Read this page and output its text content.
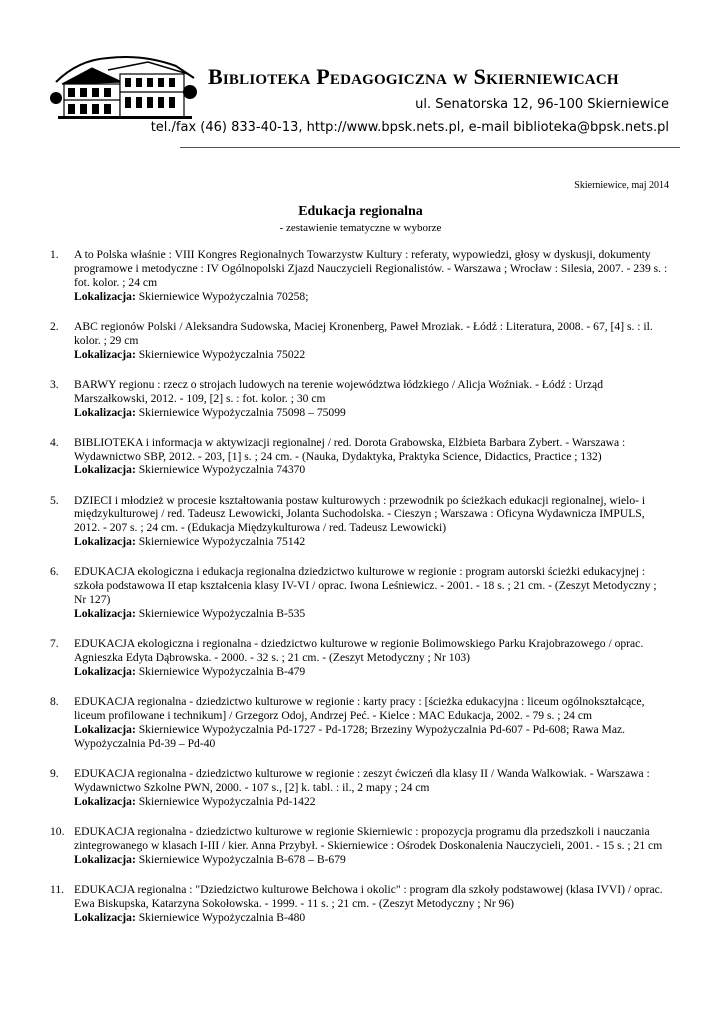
Biblioteka Pedagogiczna w Skierniewicach
ul. Senatorska 12, 96-100 Skierniewice
tel./fax (46) 833-40-13, http://www.bpsk.nets.pl, e-mail biblioteka@bpsk.nets.pl
Skierniewice, maj 2014
Edukacja regionalna
- zestawienie tematyczne w wyborze
1. A to Polska właśnie : VIII Kongres Regionalnych Towarzystw Kultury : referaty, wypowiedzi, głosy w dyskusji, dokumenty programowe i metodyczne : IV Ogólnopolski Zjazd Nauczycieli Regionalistów. - Warszawa ; Wrocław : Silesia, 2007. - 239 s. : fot. kolor. ; 24 cm
Lokalizacja: Skierniewice Wypożyczalnia 70258;
2. ABC regionów Polski / Aleksandra Sudowska, Maciej Kronenberg, Paweł Mroziak. - Łódź : Literatura, 2008. - 67, [4] s. : il. kolor. ; 29 cm
Lokalizacja: Skierniewice Wypożyczalnia 75022
3. BARWY regionu : rzecz o strojach ludowych na terenie województwa łódzkiego / Alicja Woźniak. - Łódź : Urząd Marszałkowski, 2012. - 109, [2] s. : fot. kolor. ; 30 cm
Lokalizacja: Skierniewice Wypożyczalnia 75098 – 75099
4. BIBLIOTEKA i informacja w aktywizacji regionalnej / red. Dorota Grabowska, Elżbieta Barbara Zybert. - Warszawa : Wydawnictwo SBP, 2012. - 203, [1] s. ; 24 cm. - (Nauka, Dydaktyka, Praktyka Science, Didactics, Practice ; 132)
Lokalizacja: Skierniewice Wypożyczalnia 74370
5. DZIECI i młodzież w procesie kształtowania postaw kulturowych : przewodnik po ścieżkach edukacji regionalnej, wielo- i międzykulturowej / red. Tadeusz Lewowicki, Jolanta Suchodolska. - Cieszyn ; Warszawa : Oficyna Wydawnicza IMPULS, 2012. - 207 s. ; 24 cm. - (Edukacja Międzykulturowa / red. Tadeusz Lewowicki)
Lokalizacja: Skierniewice Wypożyczalnia 75142
6. EDUKACJA ekologiczna i edukacja regionalna dziedzictwo kulturowe w regionie : program autorski ścieżki edukacyjnej : szkoła podstawowa II etap kształcenia klasy IV-VI / oprac. Iwona Leśniewicz. - 2001. - 18 s. ; 21 cm. - (Zeszyt Metodyczny ; Nr 127)
Lokalizacja: Skierniewice Wypożyczalnia B-535
7. EDUKACJA ekologiczna i regionalna - dziedzictwo kulturowe w regionie Bolimowskiego Parku Krajobrazowego / oprac. Agnieszka Edyta Dąbrowska. - 2000. - 32 s. ; 21 cm. - (Zeszyt Metodyczny ; Nr 103)
Lokalizacja: Skierniewice Wypożyczalnia B-479
8. EDUKACJA regionalna - dziedzictwo kulturowe w regionie : karty pracy : [ścieżka edukacyjna : liceum ogólnokształcące, liceum profilowane i technikum] / Grzegorz Odoj, Andrzej Peć. - Kielce : MAC Edukacja, 2002. - 79 s. ; 24 cm
Lokalizacja: Skierniewice Wypożyczalnia Pd-1727 - Pd-1728; Brzeziny Wypożyczalnia Pd-607 - Pd-608; Rawa Maz. Wypożyczalnia Pd-39 – Pd-40
9. EDUKACJA regionalna - dziedzictwo kulturowe w regionie : zeszyt ćwiczeń dla klasy II / Wanda Walkowiak. - Warszawa : Wydawnictwo Szkolne PWN, 2000. - 107 s., [2] k. tabl. : il., 2 mapy ; 24 cm
Lokalizacja: Skierniewice Wypożyczalnia Pd-1422
10. EDUKACJA regionalna - dziedzictwo kulturowe w regionie Skierniewic : propozycja programu dla przedszkoli i nauczania zintegrowanego w klasach I-III / kier. Anna Przybył. - Skierniewice : Ośrodek Doskonalenia Nauczycieli, 2001. - 15 s. ; 21 cm
Lokalizacja: Skierniewice Wypożyczalnia B-678 – B-679
11. EDUKACJA regionalna : "Dziedzictwo kulturowe Bełchowa i okolic" : program dla szkoły podstawowej (klasa IVVI) / oprac. Ewa Biskupska, Katarzyna Sokołowska. - 1999. - 11 s. ; 21 cm. - (Zeszyt Metodyczny ; Nr 96)
Lokalizacja: Skierniewice Wypożyczalnia B-480
